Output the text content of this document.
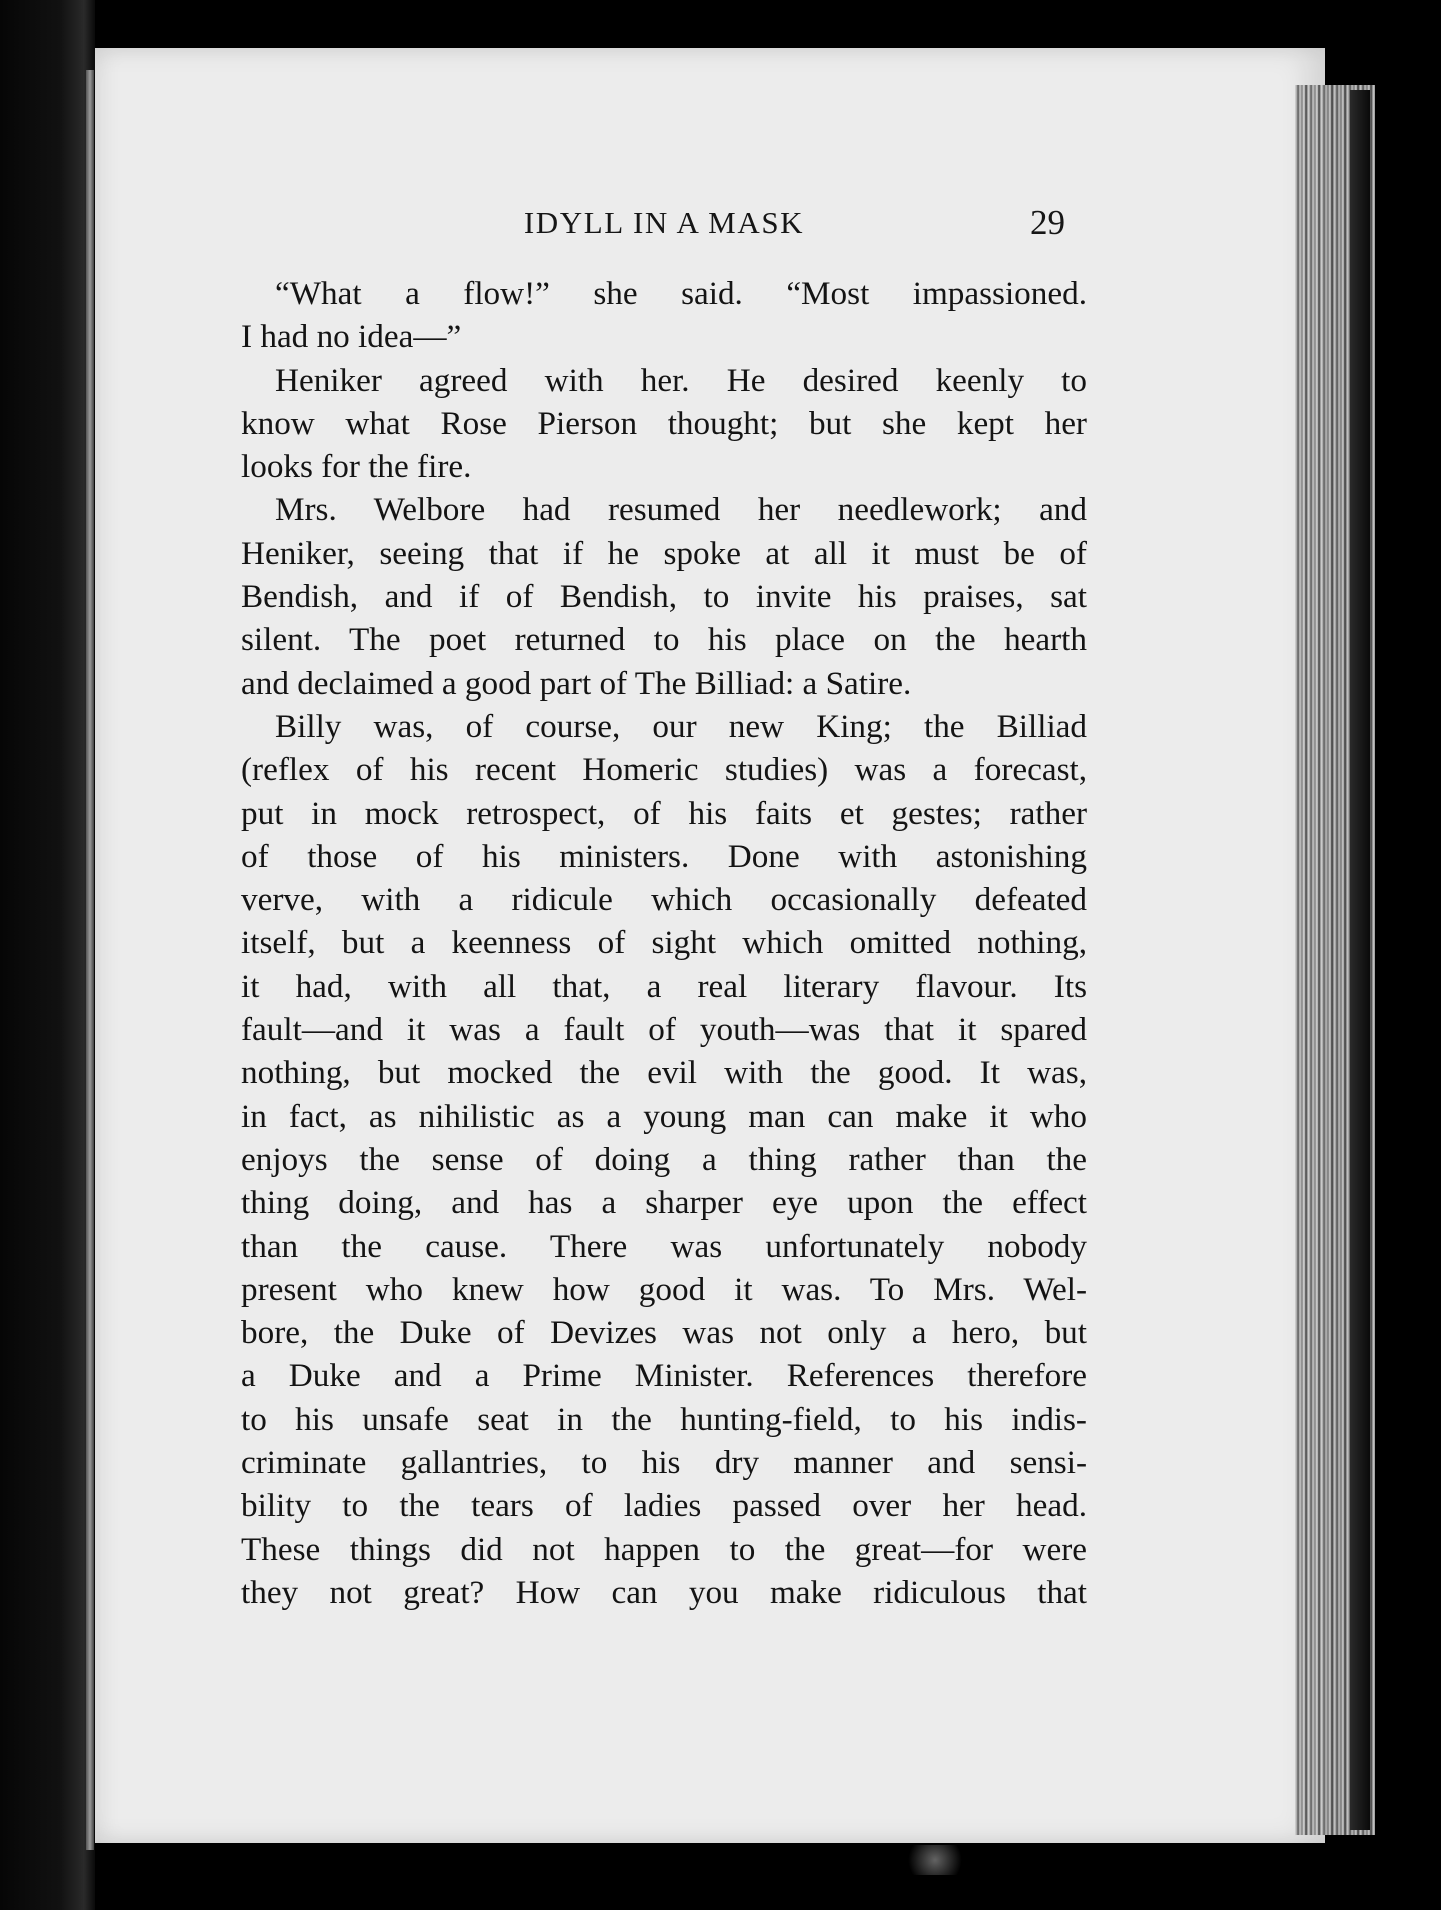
IDYLL IN A MASK	29
“What a flow!” she said. “Most impassioned.
I had no idea—”
Heniker agreed with her. He desired keenly to
know what Rose Pierson thought; but she kept her
looks for the fire.
Mrs. Welbore had resumed her needlework; and
Heniker, seeing that if he spoke at all it must be of
Bendish, and if of Bendish, to invite his praises, sat
silent. The poet returned to his place on the hearth
and declaimed a good part of The Billiad: a Satire.
Billy was, of course, our new King; the Billiad
(reflex of his recent Homeric studies) was a forecast,
put in mock retrospect, of his faits et gestes; rather
of those of his ministers. Done with astonishing
verve, with a ridicule which occasionally defeated
itself, but a keenness of sight which omitted nothing,
it had, with all that, a real literary flavour. Its
fault—and it was a fault of youth—was that it spared
nothing, but mocked the evil with the good. It was,
in fact, as nihilistic as a young man can make it who
enjoys the sense of doing a thing rather than the
thing doing, and has a sharper eye upon the effect
than the cause. There was unfortunately nobody
present who knew how good it was. To Mrs. Wel-
bore, the Duke of Devizes was not only a hero, but
a Duke and a Prime Minister. References therefore
to his unsafe seat in the hunting-field, to his indis-
criminate gallantries, to his dry manner and sensi-
bility to the tears of ladies passed over her head.
These things did not happen to the great—for were
they not great? How can you make ridiculous that
